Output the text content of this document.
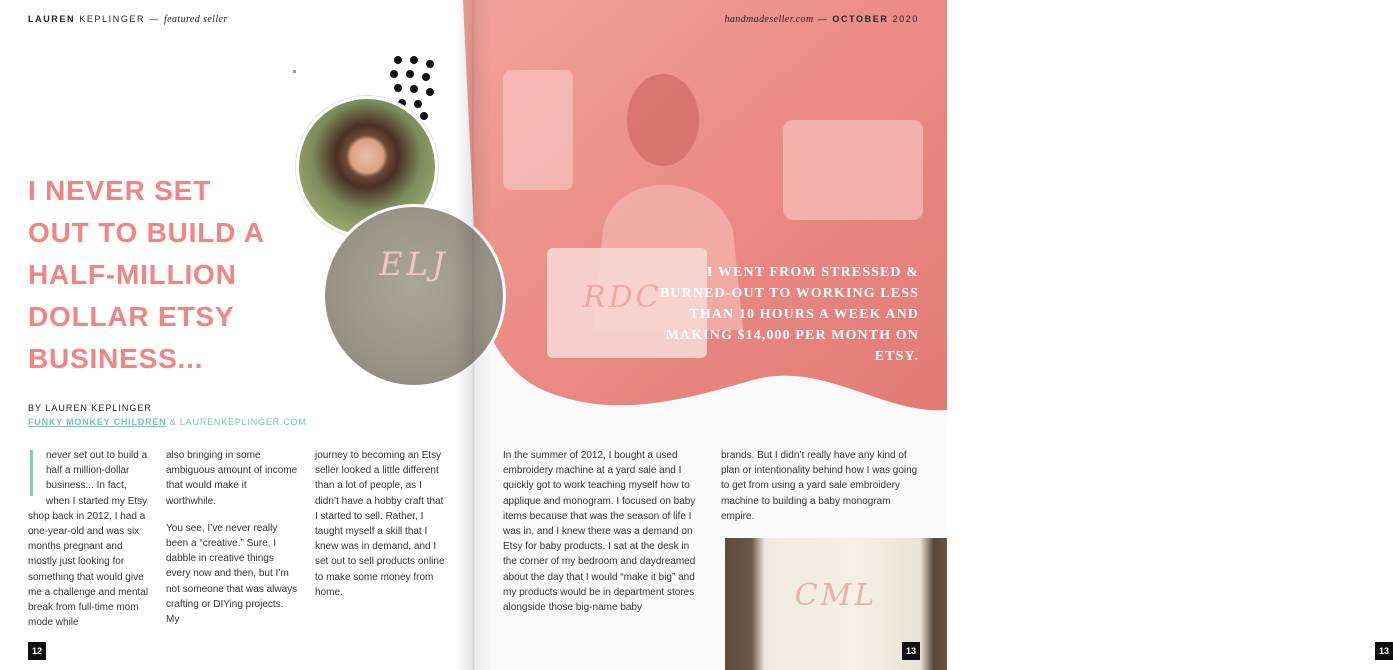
LAUREN KEPLINGER — featured seller
I NEVER SET
OUT TO BUILD A
HALF-MILLION
DOLLAR ETSY
BUSINESS...
BY LAUREN KEPLINGER
FUNKY MONKEY CHILDREN & LAURENKEPLINGER.COM

never set out to build a half a million-dollar business... In fact, when I started my Etsy shop back in 2012, I had a one-year-old and was six months pregnant and mostly just looking for something that would give me a challenge and mental break from full-time mom mode while

also bringing in some ambiguous amount of income that would make it worthwhile.

You see, I’ve never really been a “creative.” Sure, I dabble in creative things every now and then, but I’m not someone that was always crafting or DIYing projects. My

journey to becoming an Etsy seller looked a little different than a lot of people, as I didn’t have a hobby craft that I started to sell. Rather, I taught myself a skill that I knew was in demand, and I set out to sell products online to make some money from home.

12
RDC
handmadeseller.com — OCTOBER 2020

I WENT FROM STRESSED & BURNED-OUT TO WORKING LESS THAN 10 HOURS A WEEK AND MAKING $14,000 PER MONTH ON ETSY.

13

In the summer of 2012, I bought a used embroidery machine at a yard sale and I quickly got to work teaching myself how to applique and monogram. I focused on baby items because that was the season of life I was in, and I knew there was a demand on Etsy for baby products. I sat at the desk in the corner of my bedroom and daydreamed about the day that I would “make it big” and my products would be in department stores alongside those big-name baby

brands. But I didn’t really have any kind of plan or intentionality behind how I was going to get from using a yard sale embroidery machine to building a baby monogram empire.

ELJ
CML
13
